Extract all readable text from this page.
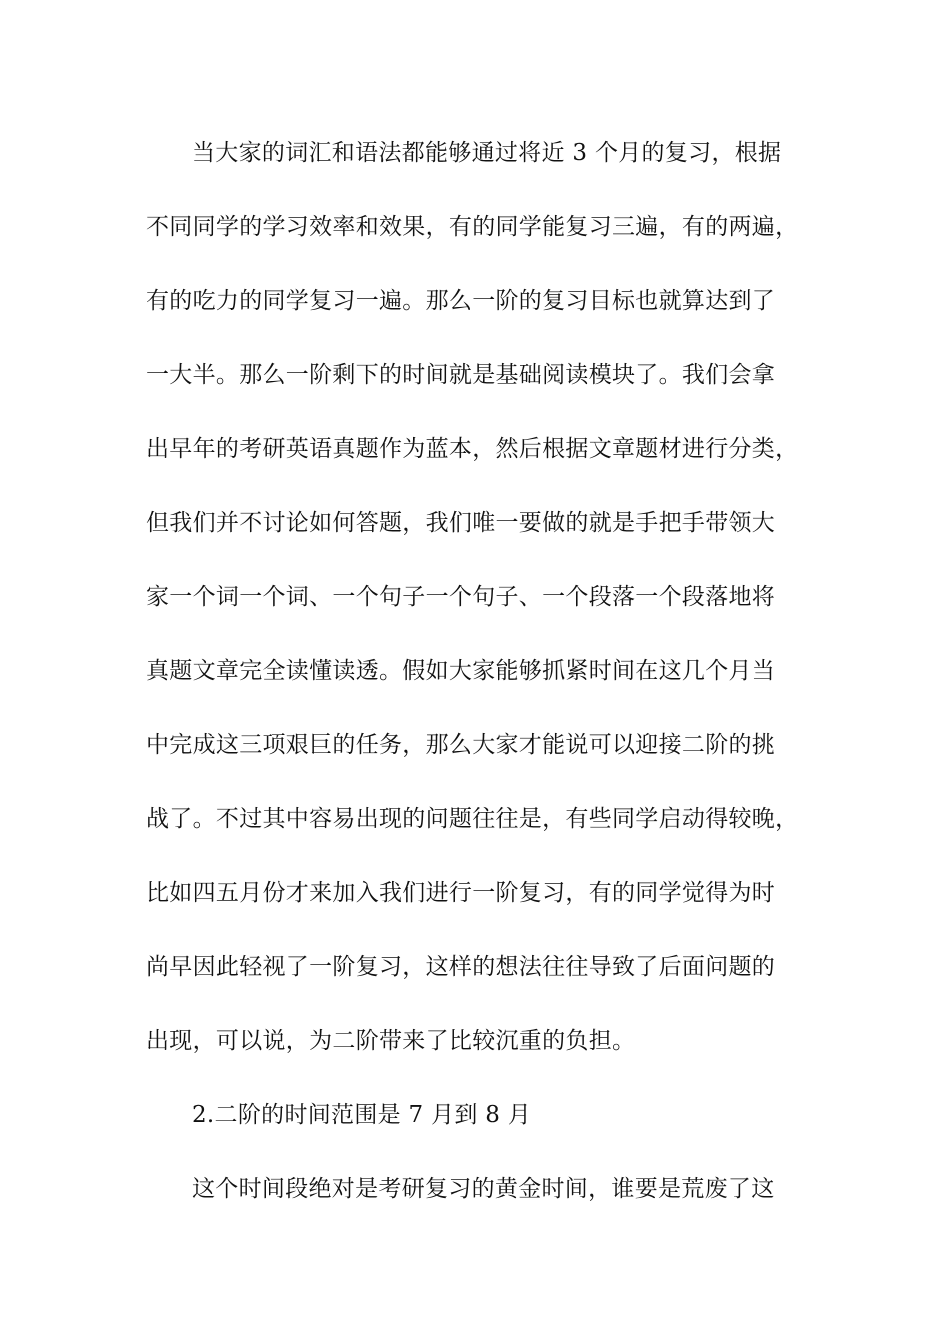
当大家的词汇和语法都能够通过将近 3 个月的复习，根据

不同同学的学习效率和效果，有的同学能复习三遍，有的两遍，

有的吃力的同学复习一遍。那么一阶的复习目标也就算达到了

一大半。那么一阶剩下的时间就是基础阅读模块了。我们会拿

出早年的考研英语真题作为蓝本，然后根据文章题材进行分类，

但我们并不讨论如何答题，我们唯一要做的就是手把手带领大

家一个词一个词、一个句子一个句子、一个段落一个段落地将

真题文章完全读懂读透。假如大家能够抓紧时间在这几个月当

中完成这三项艰巨的任务，那么大家才能说可以迎接二阶的挑

战了。不过其中容易出现的问题往往是，有些同学启动得较晚，

比如四五月份才来加入我们进行一阶复习，有的同学觉得为时

尚早因此轻视了一阶复习，这样的想法往往导致了后面问题的

出现，可以说，为二阶带来了比较沉重的负担。

2.二阶的时间范围是 7 月到 8 月

这个时间段绝对是考研复习的黄金时间，谁要是荒废了这
